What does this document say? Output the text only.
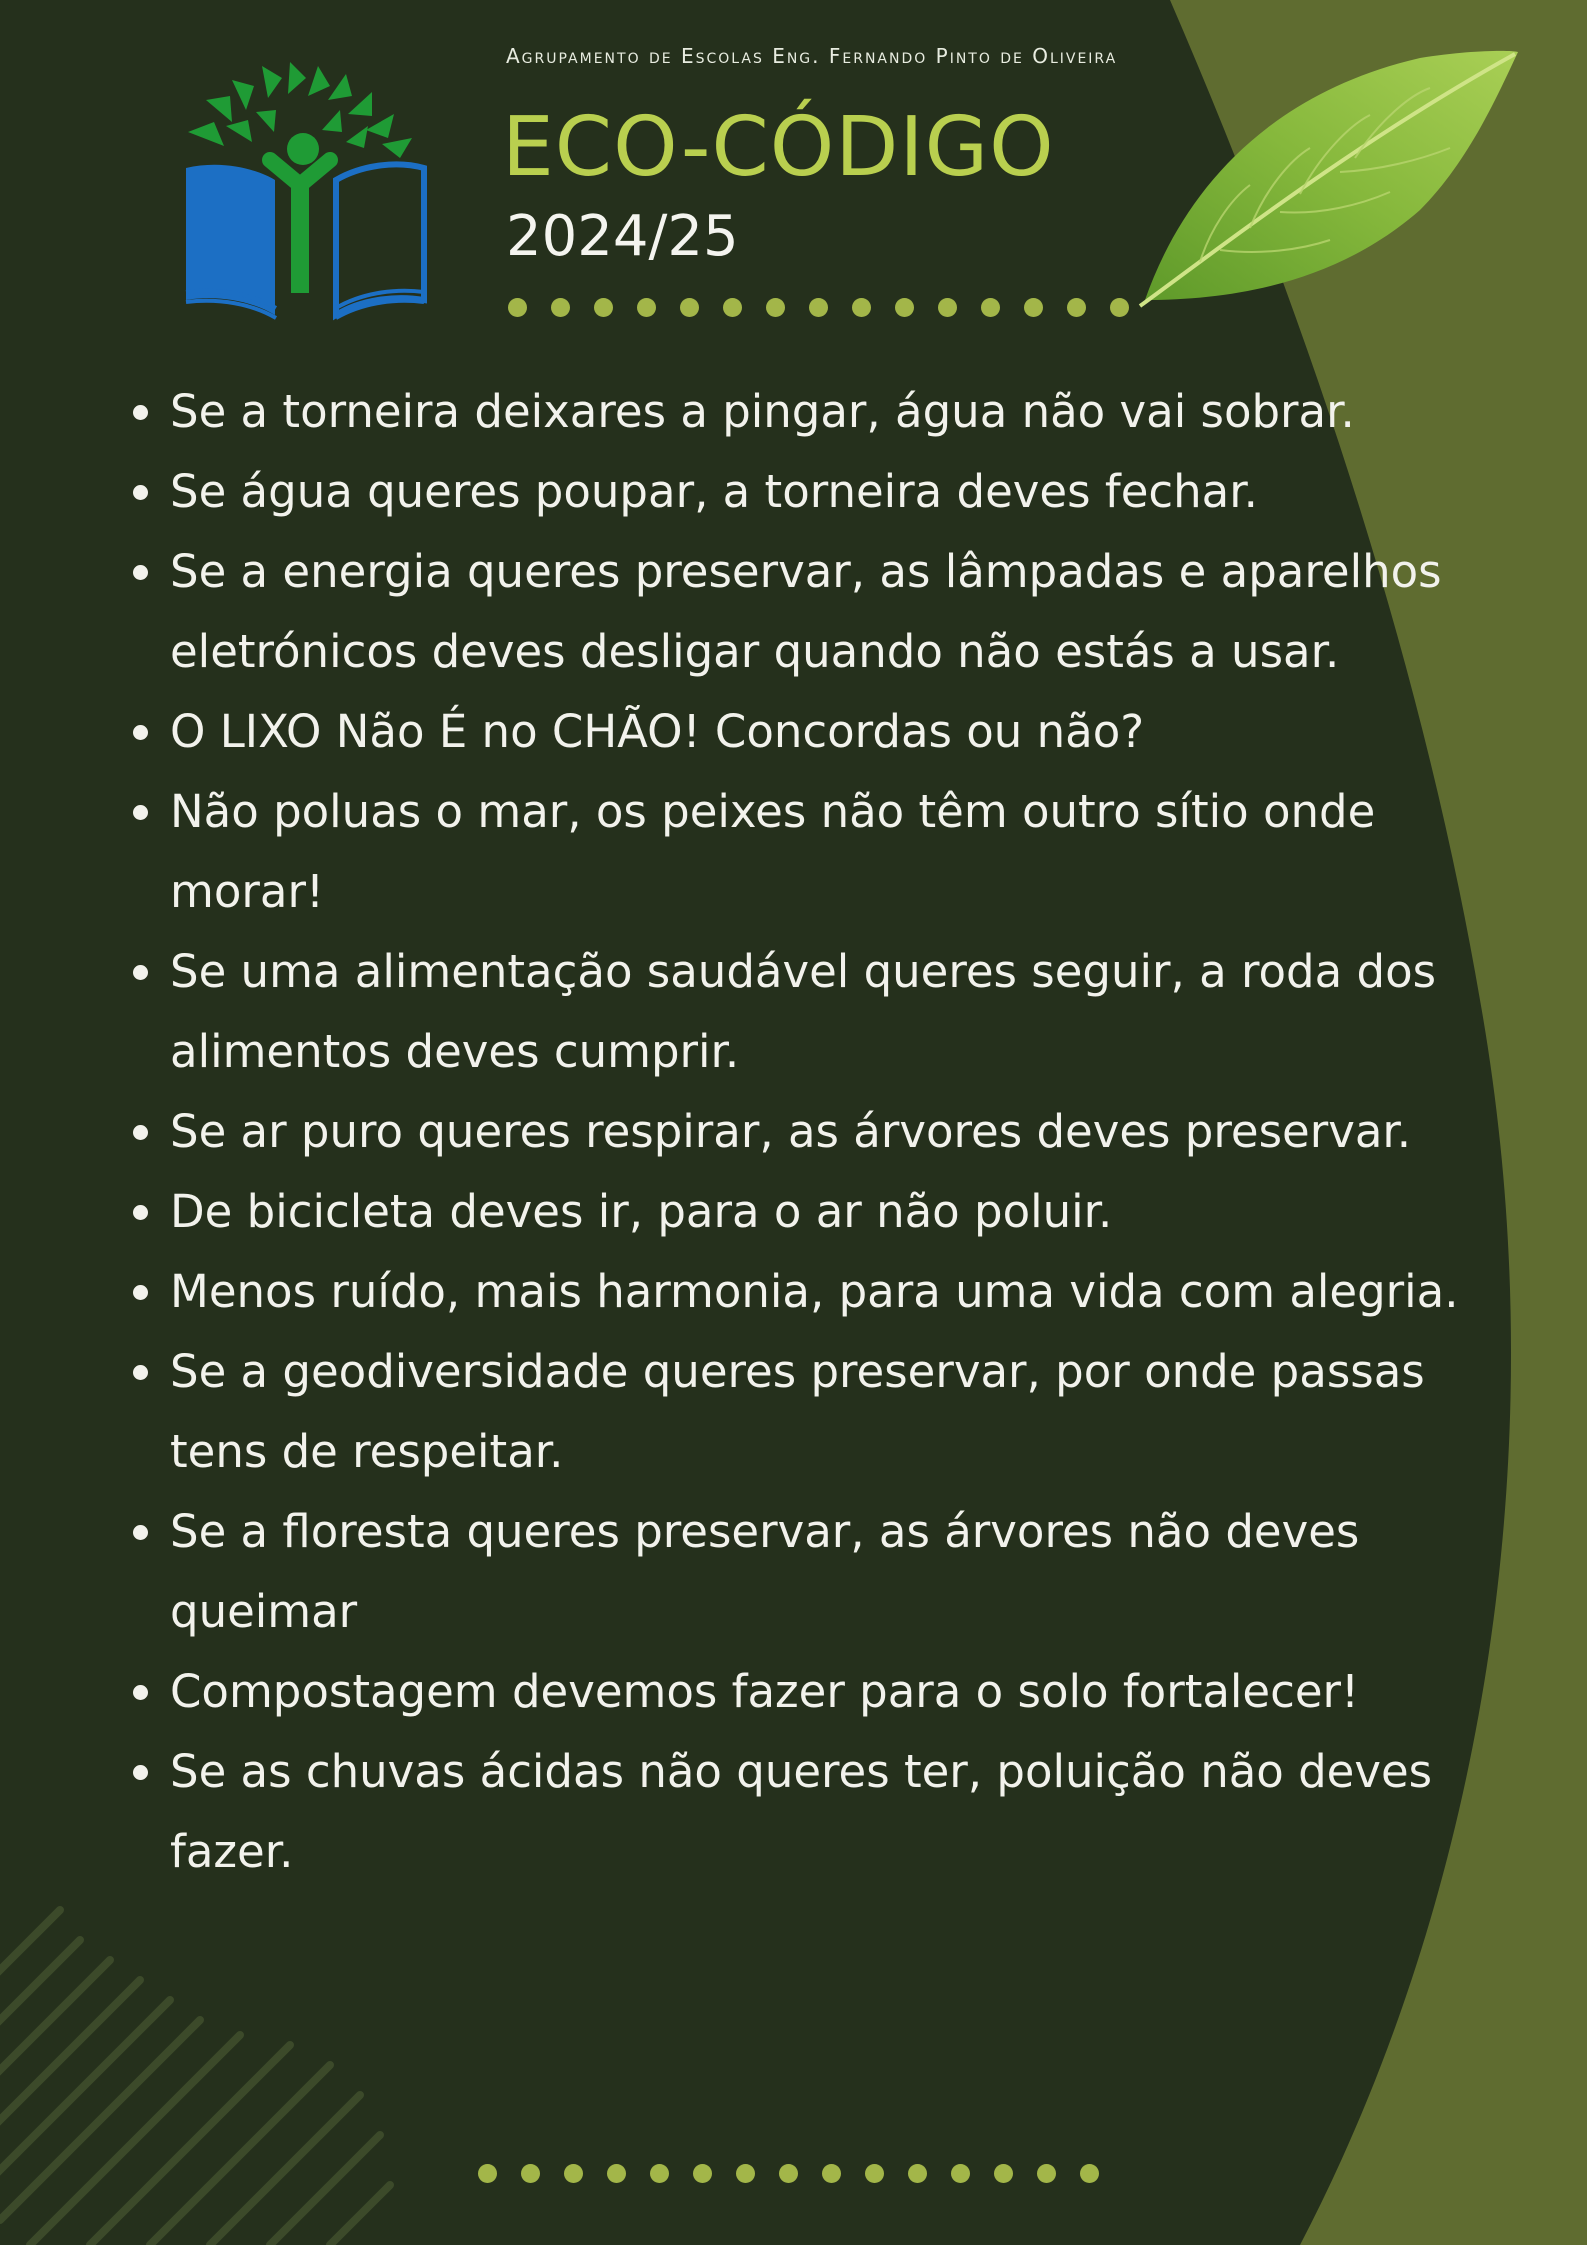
Agrupamento de Escolas Eng. Fernando Pinto de Oliveira
ECO-CÓDIGO
2024/25
Se a torneira deixares a pingar, água não vai sobrar.
Se água queres poupar, a torneira deves fechar.
Se a energia queres preservar, as lâmpadas e aparelhos eletrónicos deves desligar quando não estás a usar.
O LIXO Não É no CHÃO! Concordas ou não?
Não poluas o mar, os peixes não têm outro sítio onde morar!
Se uma alimentação saudável queres seguir, a roda dos alimentos deves cumprir.
Se ar puro queres respirar, as árvores deves preservar.
De bicicleta deves ir, para o ar não poluir.
Menos ruído, mais harmonia, para uma vida com alegria.
Se a geodiversidade queres preservar, por onde passas tens de respeitar.
Se a floresta queres preservar, as árvores não deves queimar
Compostagem devemos fazer para o solo fortalecer!
Se as chuvas ácidas não queres ter, poluição não deves fazer.
